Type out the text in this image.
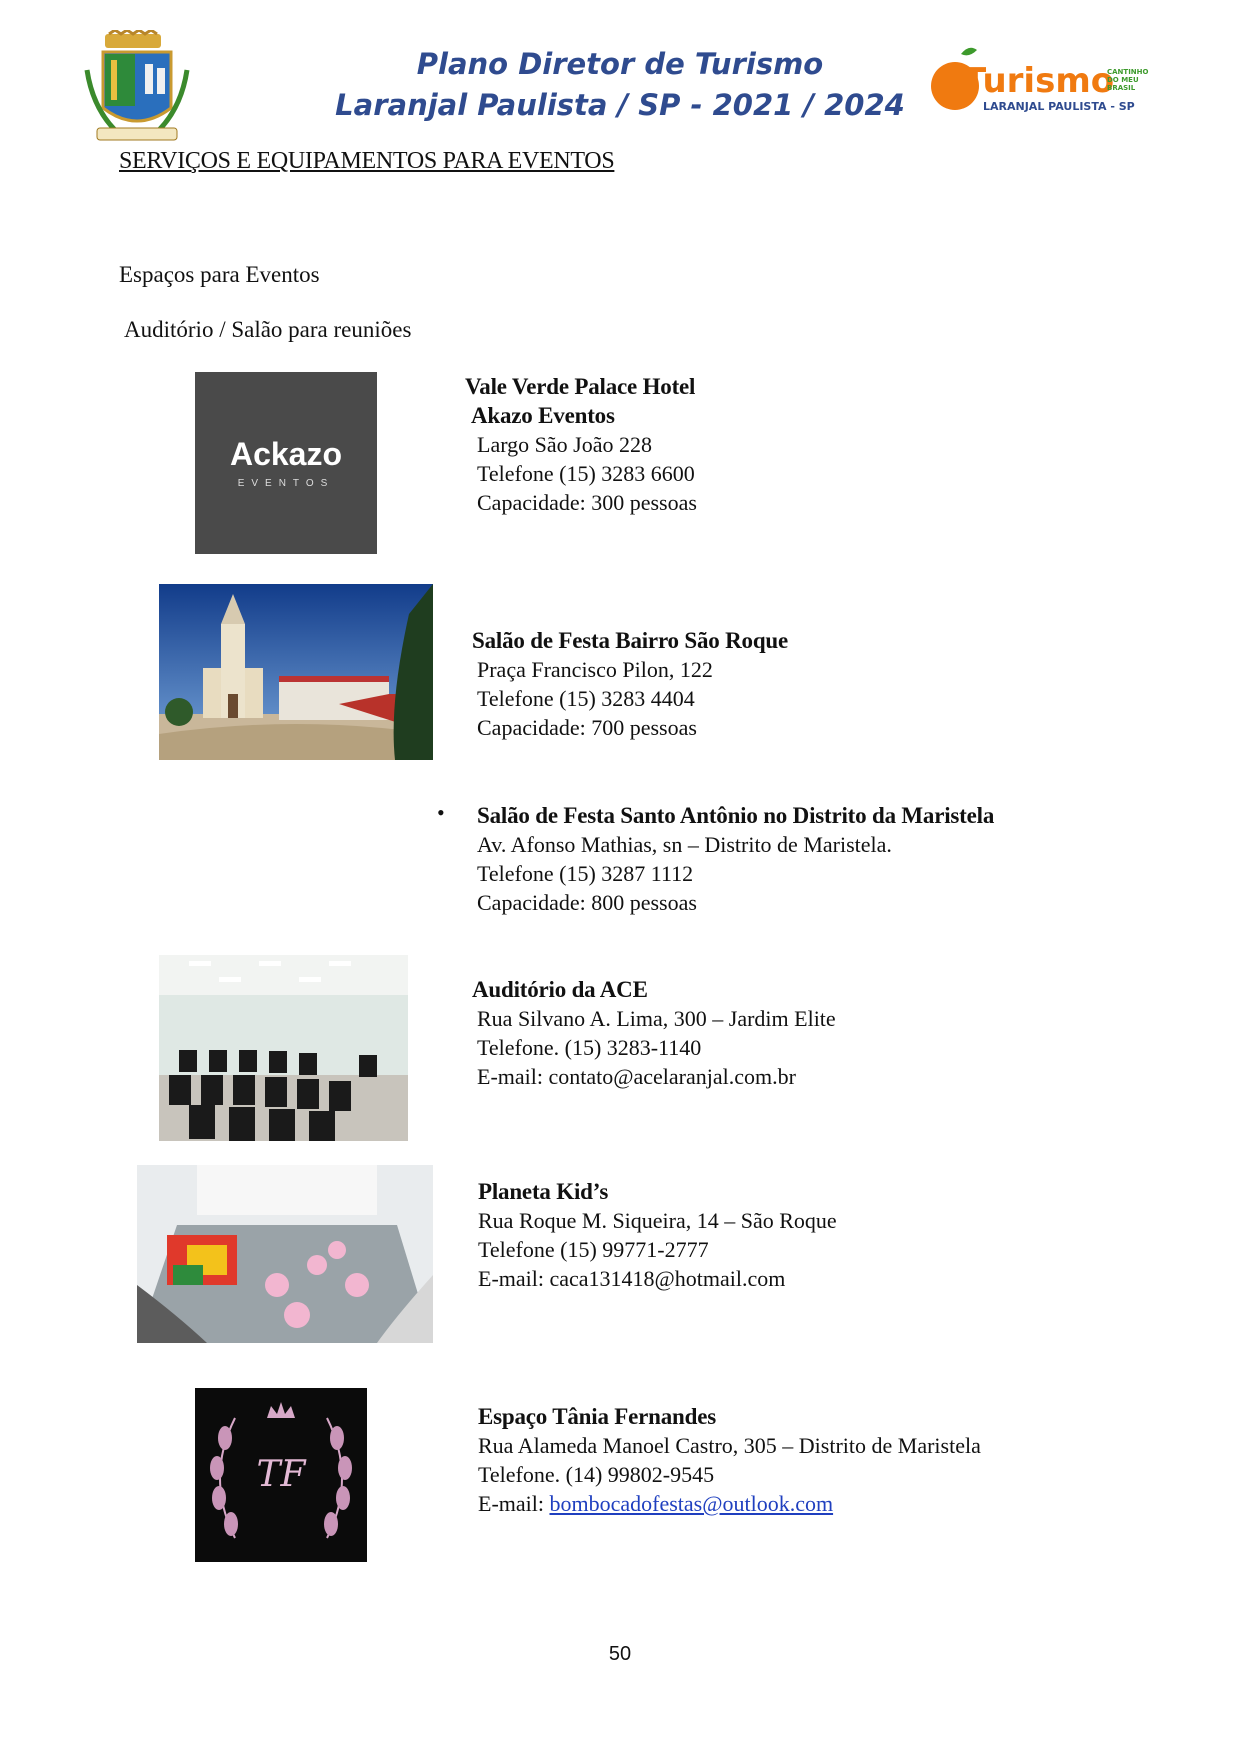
Plano Diretor de Turismo
Laranjal Paulista / SP - 2021 / 2024
Turismo
CANTINHO
DO MEU
BRASIL
LARANJAL PAULISTA - SP
SERVIÇOS E EQUIPAMENTOS PARA EVENTOS
Espaços para Eventos
Auditório / Salão para reuniões
Ackazo
EVENTOS
Vale Verde Palace Hotel
Akazo Eventos
Largo São João 228
Telefone (15) 3283 6600
Capacidade: 300 pessoas
Salão de Festa Bairro São Roque
Praça Francisco Pilon, 122
Telefone (15) 3283 4404
Capacidade: 700 pessoas
• Salão de Festa Santo Antônio no Distrito da Maristela
Av. Afonso Mathias, sn – Distrito de Maristela.
Telefone (15) 3287 1112
Capacidade: 800 pessoas
Auditório da ACE
Rua Silvano A. Lima, 300 – Jardim Elite
Telefone. (15) 3283-1140
E-mail: contato@acelaranjal.com.br
Planeta Kid’s
Rua Roque M. Siqueira, 14 – São Roque
Telefone (15) 99771-2777
E-mail: caca131418@hotmail.com
TF
Espaço Tânia Fernandes
Rua Alameda Manoel Castro, 305 – Distrito de Maristela
Telefone. (14) 99802-9545
E-mail: bombocadofestas@outlook.com
50
